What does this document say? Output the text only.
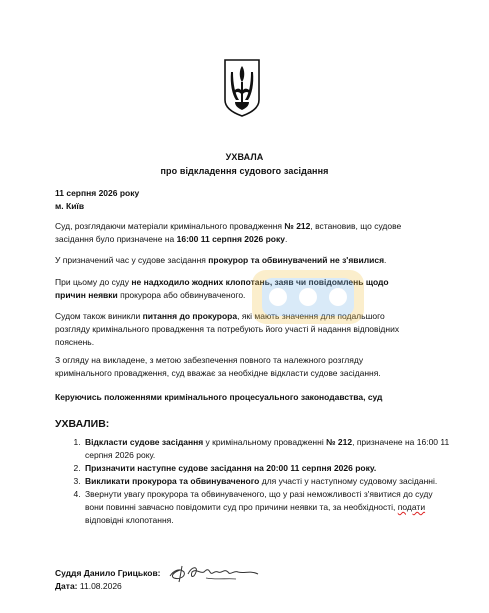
УХВАЛА
про відкладення судового засідання
11 серпня 2026 року
м. Київ
Суд, розглядаючи матеріали кримінального провадження № 212, встановив, що судове засідання було призначене на 16:00 11 серпня 2026 року.
У призначений час у судове засідання прокурор та обвинувачений не з'явилися.
При цьому до суду не надходило жодних клопотань, заяв чи повідомлень щодо причин неявки прокурора або обвинуваченого.
Судом також виникли питання до прокурора, які мають значення для подальшого розгляду кримінального провадження та потребують його участі й надання відповідних пояснень.
З огляду на викладене, з метою забезпечення повного та належного розгляду кримінального провадження, суд вважає за необхідне відкласти судове засідання.
Керуючись положеннями кримінального процесуального законодавства, суд
УХВАЛИВ:
1. Відкласти судове засідання у кримінальному провадженні № 212, призначене на 16:00 11 серпня 2026 року.
2. Призначити наступне судове засідання на 20:00 11 серпня 2026 року.
3. Викликати прокурора та обвинуваченого для участі у наступному судовому засіданні.
4. Звернути увагу прокурора та обвинуваченого, що у разі неможливості з'явитися до суду вони повинні завчасно повідомити суд про причини неявки та, за необхідності, подати відповідні клопотання.
Суддя Данило Грицьков:
Дата: 11.08.2026
